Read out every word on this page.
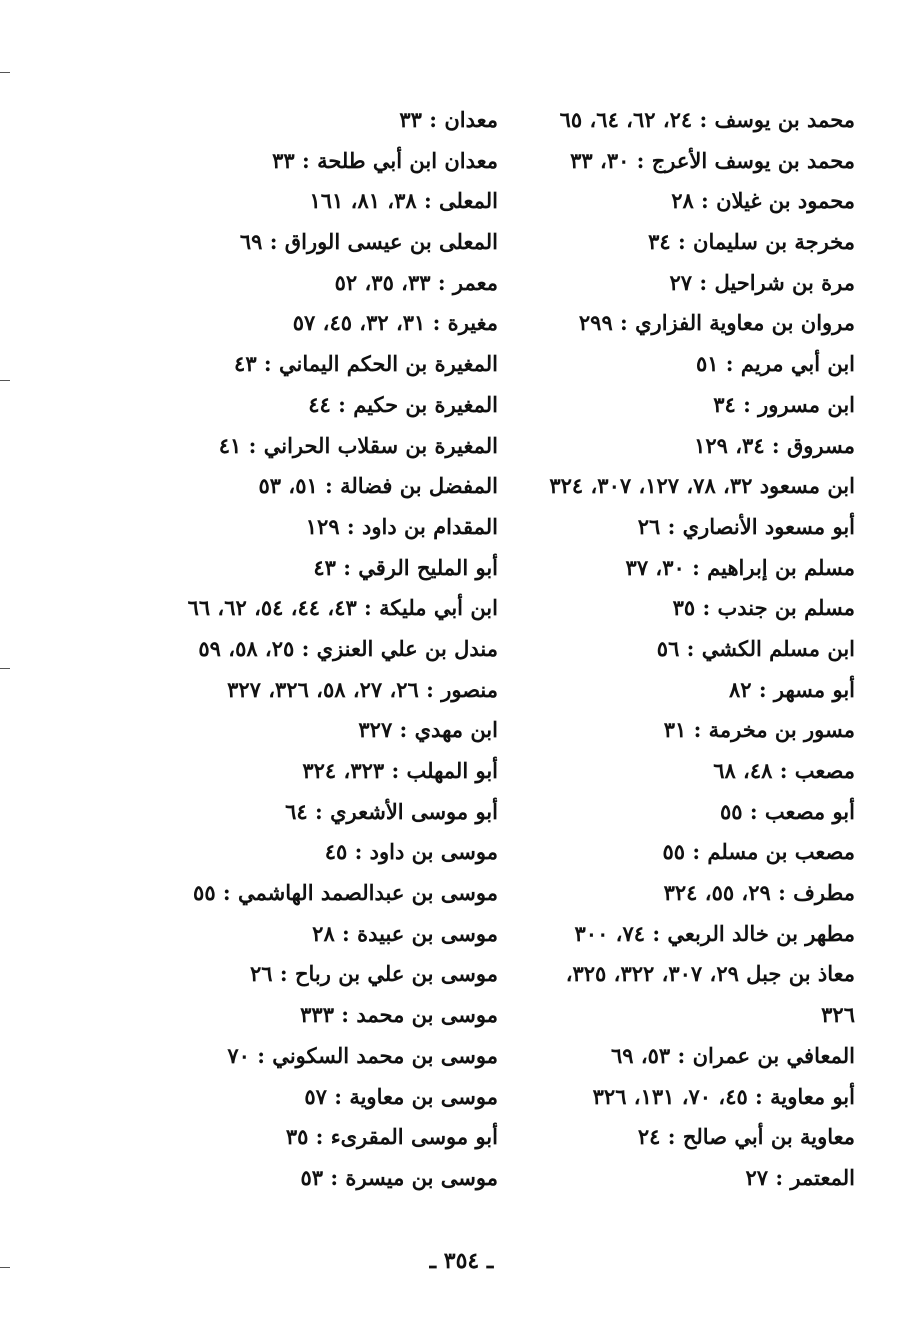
محمد بن يوسف : ٢٤، ٦٢، ٦٤، ٦٥
محمد بن يوسف الأعرج : ٣٠، ٣٣
محمود بن غيلان : ٢٨
مخرجة بن سليمان : ٣٤
مرة بن شراحيل : ٢٧
مروان بن معاوية الفزاري : ٢٩٩
ابن أبي مريم : ٥١
ابن مسرور : ٣٤
مسروق : ٣٤، ١٢٩
ابن مسعود ٣٢، ٧٨، ١٢٧، ٣٠٧، ٣٢٤
أبو مسعود الأنصاري : ٢٦
مسلم بن إبراهيم : ٣٠، ٣٧
مسلم بن جندب : ٣٥
ابن مسلم الكشي : ٥٦
أبو مسهر : ٨٢
مسور بن مخرمة : ٣١
مصعب : ٤٨، ٦٨
أبو مصعب : ٥٥
مصعب بن مسلم : ٥٥
مطرف : ٢٩، ٥٥، ٣٢٤
مطهر بن خالد الربعي : ٧٤، ٣٠٠
معاذ بن جبل ٢٩، ٣٠٧، ٣٢٢، ٣٢٥،
٣٢٦
المعافي بن عمران : ٥٣، ٦٩
أبو معاوية : ٤٥، ٧٠، ١٣١، ٣٢٦
معاوية بن أبي صالح : ٢٤
المعتمر : ٢٧
معدان : ٣٣
معدان ابن أبي طلحة : ٣٣
المعلى : ٣٨، ٨١، ١٦١
المعلى بن عيسى الوراق : ٦٩
معمر : ٣٣، ٣٥، ٥٢
مغيرة : ٣١، ٣٢، ٤٥، ٥٧
المغيرة بن الحكم اليماني : ٤٣
المغيرة بن حكيم : ٤٤
المغيرة بن سقلاب الحراني : ٤١
المفضل بن فضالة : ٥١، ٥٣
المقدام بن داود : ١٢٩
أبو المليح الرقي : ٤٣
ابن أبي مليكة : ٤٣، ٤٤، ٥٤، ٦٢، ٦٦
مندل بن علي العنزي : ٢٥، ٥٨، ٥٩
منصور : ٢٦، ٢٧، ٥٨، ٣٢٦، ٣٢٧
ابن مهدي : ٣٢٧
أبو المهلب : ٣٢٣، ٣٢٤
أبو موسى الأشعري : ٦٤
موسى بن داود : ٤٥
موسى بن عبدالصمد الهاشمي : ٥٥
موسى بن عبيدة : ٢٨
موسى بن علي بن رباح : ٢٦
موسى بن محمد : ٣٣٣
موسى بن محمد السكوني : ٧٠
موسى بن معاوية : ٥٧
أبو موسى المقرىء : ٣٥
موسى بن ميسرة : ٥٣
ـ ٣٥٤ ـ
